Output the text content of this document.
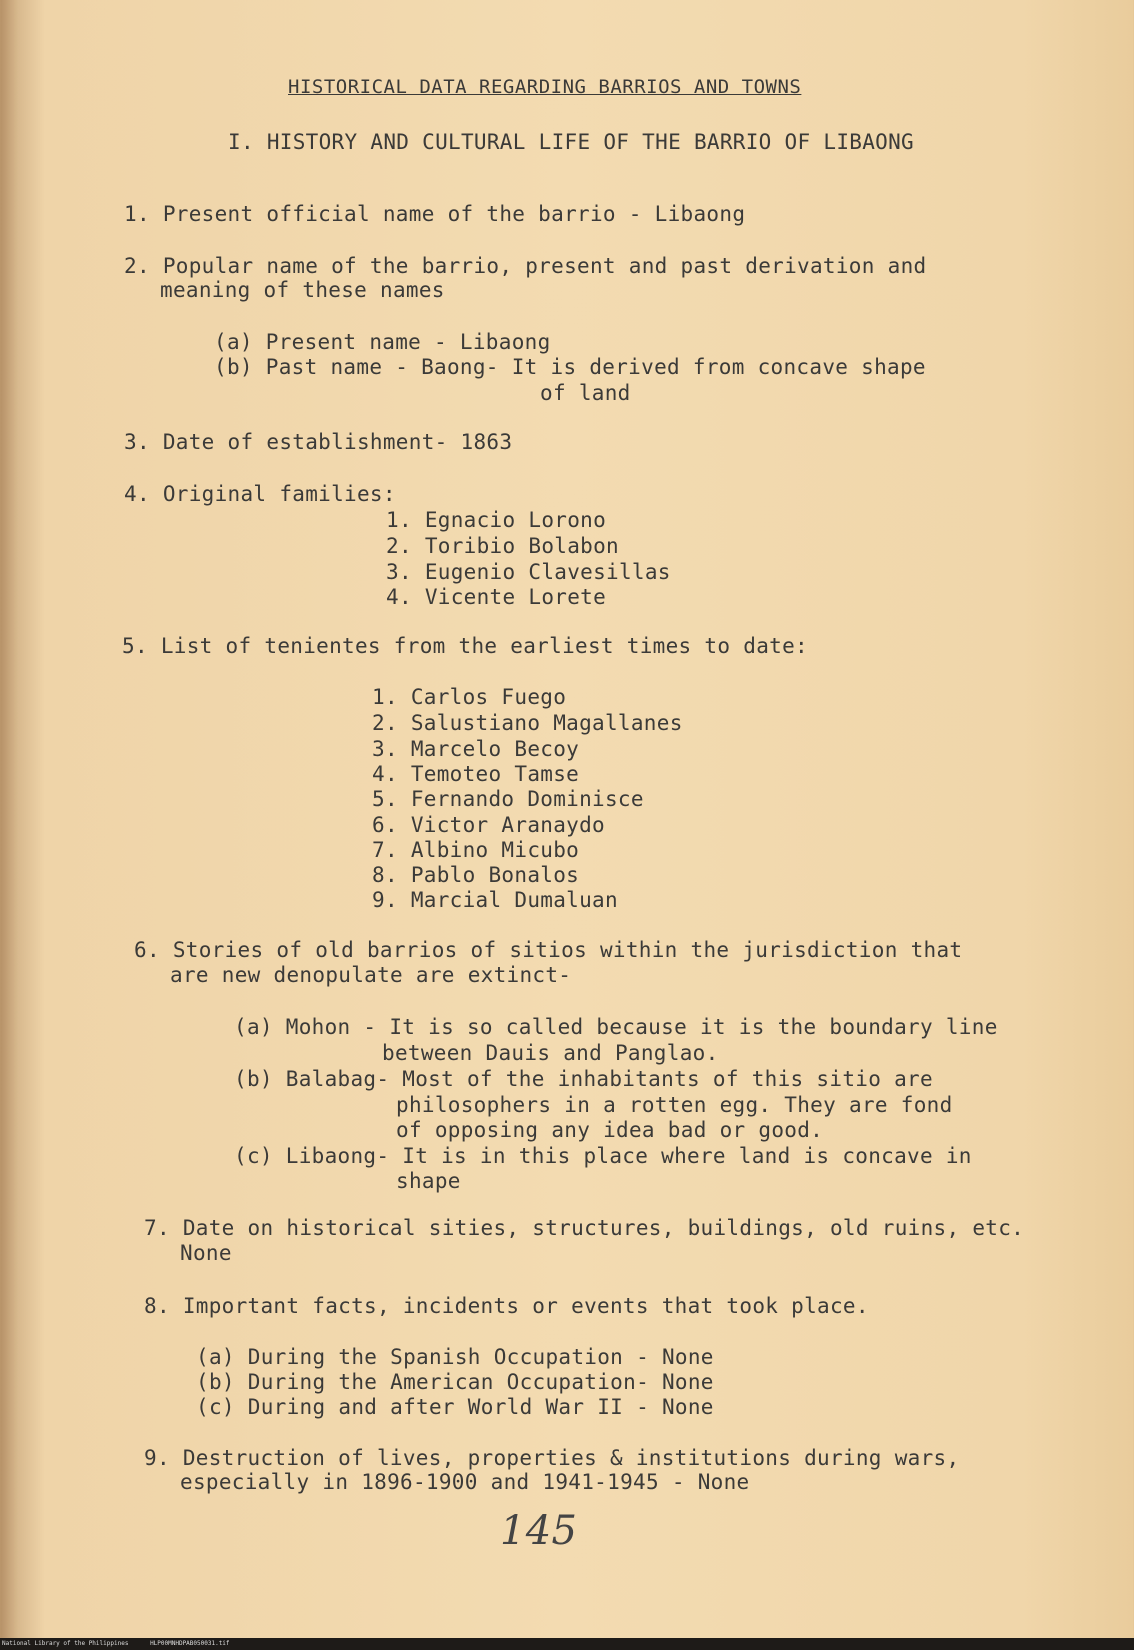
HISTORICAL DATA REGARDING BARRIOS AND TOWNS
I. HISTORY AND CULTURAL LIFE OF THE BARRIO OF LIBAONG
1. Present official name of the barrio - Libaong
2. Popular name of the barrio, present and past derivation and
meaning of these names
(a) Present name - Libaong
(b) Past name - Baong- It is derived from concave shape
of land
3. Date of establishment- 1863
4. Original families:
1. Egnacio Lorono
2. Toribio Bolabon
3. Eugenio Clavesillas
4. Vicente Lorete
5. List of tenientes from the earliest times to date:
1. Carlos Fuego
2. Salustiano Magallanes
3. Marcelo Becoy
4. Temoteo Tamse
5. Fernando Dominisce
6. Victor Aranaydo
7. Albino Micubo
8. Pablo Bonalos
9. Marcial Dumaluan
6. Stories of old barrios of sitios within the jurisdiction that
are new denopulate are extinct-
(a) Mohon - It is so called because it is the boundary line
between Dauis and Panglao.
(b) Balabag- Most of the inhabitants of this sitio are
philosophers in a rotten egg. They are fond
of opposing any idea bad or good.
(c) Libaong- It is in this place where land is concave in
shape
7. Date on historical sities, structures, buildings, old ruins, etc.
None
8. Important facts, incidents or events that took place.
(a) During the Spanish Occupation - None
(b) During the American Occupation- None
(c) During and after World War II - None
9. Destruction of lives, properties & institutions during wars,
especially in 1896-1900 and 1941-1945 - None
145
National Library of the Philippines	HLP00MNHDPAB050031.tif
